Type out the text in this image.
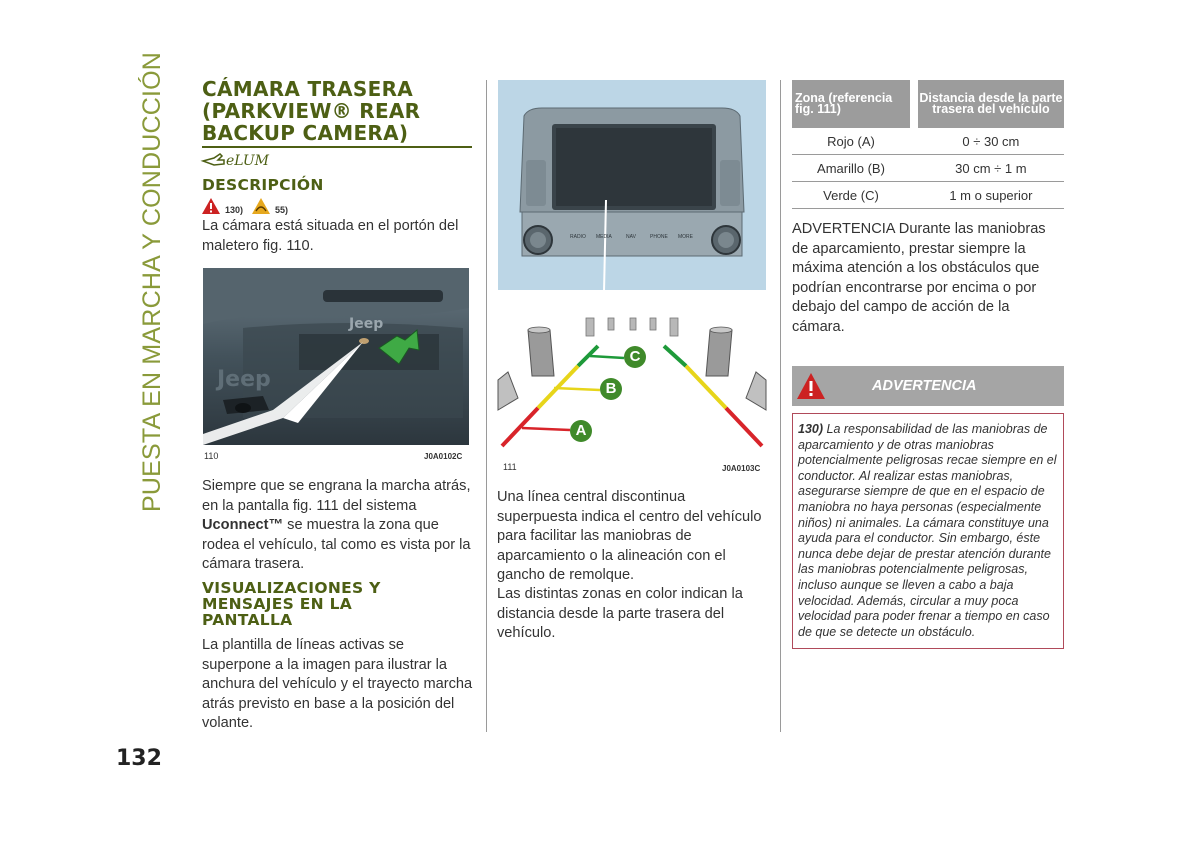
PUESTA EN MARCHA Y CONDUCCIÓN CÁMARA TRASERA
(PARKVIEW® REAR
BACKUP CAMERA)
eLUM
DESCRIPCIÓN
130)	55)
La cámara está situada en el portón del maletero fig. 110.
Jeep
Jeep
110	J0A0102C
Siempre que se engrana la marcha atrás, en la pantalla fig. 111 del sistema Uconnect™ se muestra la zona que rodea el vehículo, tal como es vista por la cámara trasera.
VISUALIZACIONES Y
MENSAJES EN LA
PANTALLA
La plantilla de líneas activas se superpone a la imagen para ilustrar la anchura del vehículo y el trayecto marcha atrás previsto en base a la posición del volante.
132
C
B
A
RADIO MEDIA	NAV	PHONE MORE
111	J0A0103C
Una línea central discontinua superpuesta indica el centro del vehículo para facilitar las maniobras de aparcamiento o la alineación con el gancho de remolque.
Las distintas zonas en color indican la distancia desde la parte trasera del vehículo.
Zona (referencia fig. 111)		Distancia desde la parte trasera del vehículo
Rojo (A)		0 ÷ 30 cm
Amarillo (B)		30 cm ÷ 1 m
Verde (C)		1 m o superior
ADVERTENCIA Durante las maniobras de aparcamiento, prestar siempre la máxima atención a los obstáculos que podrían encontrarse por encima o por debajo del campo de acción de la cámara.
ADVERTENCIA
130) La responsabilidad de las maniobras de aparcamiento y de otras maniobras potencialmente peligrosas recae siempre en el conductor. Al realizar estas maniobras, asegurarse siempre de que en el espacio de maniobra no haya personas (especialmente niños) ni animales. La cámara constituye una ayuda para el conductor. Sin embargo, éste nunca debe dejar de prestar atención durante las maniobras potencialmente peligrosas, incluso aunque se lleven a cabo a baja velocidad. Además, circular a muy poca velocidad para poder frenar a tiempo en caso de que se detecte un obstáculo.
